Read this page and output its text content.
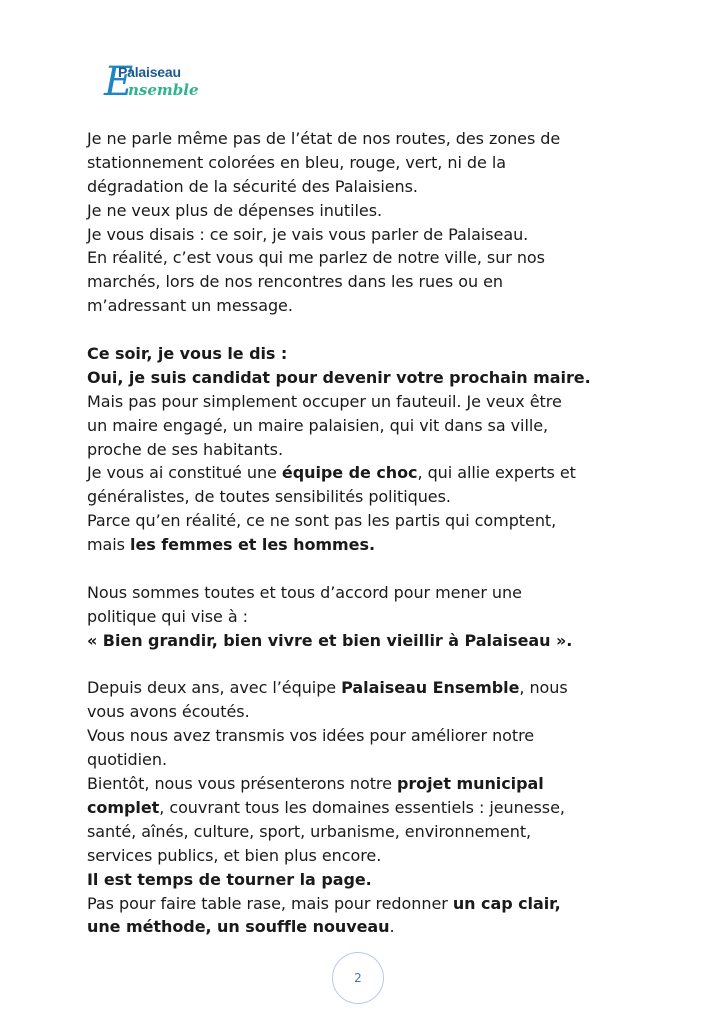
E
Palaiseau
nsemble
Je ne parle même pas de l’état de nos routes, des zones de
stationnement colorées en bleu, rouge, vert, ni de la
dégradation de la sécurité des Palaisiens.
Je ne veux plus de dépenses inutiles.
Je vous disais : ce soir, je vais vous parler de Palaiseau.
En réalité, c’est vous qui me parlez de notre ville, sur nos
marchés, lors de nos rencontres dans les rues ou en
m’adressant un message.
Ce soir, je vous le dis :
Oui, je suis candidat pour devenir votre prochain maire.
Mais pas pour simplement occuper un fauteuil. Je veux être
un maire engagé, un maire palaisien, qui vit dans sa ville,
proche de ses habitants.
Je vous ai constitué une équipe de choc, qui allie experts et
généralistes, de toutes sensibilités politiques.
Parce qu’en réalité, ce ne sont pas les partis qui comptent,
mais les femmes et les hommes.
Nous sommes toutes et tous d’accord pour mener une
politique qui vise à :
« Bien grandir, bien vivre et bien vieillir à Palaiseau ».
Depuis deux ans, avec l’équipe Palaiseau Ensemble, nous
vous avons écoutés.
Vous nous avez transmis vos idées pour améliorer notre
quotidien.
Bientôt, nous vous présenterons notre projet municipal
complet, couvrant tous les domaines essentiels : jeunesse,
santé, aînés, culture, sport, urbanisme, environnement,
services publics, et bien plus encore.
Il est temps de tourner la page.
Pas pour faire table rase, mais pour redonner un cap clair,
une méthode, un souffle nouveau.
2
